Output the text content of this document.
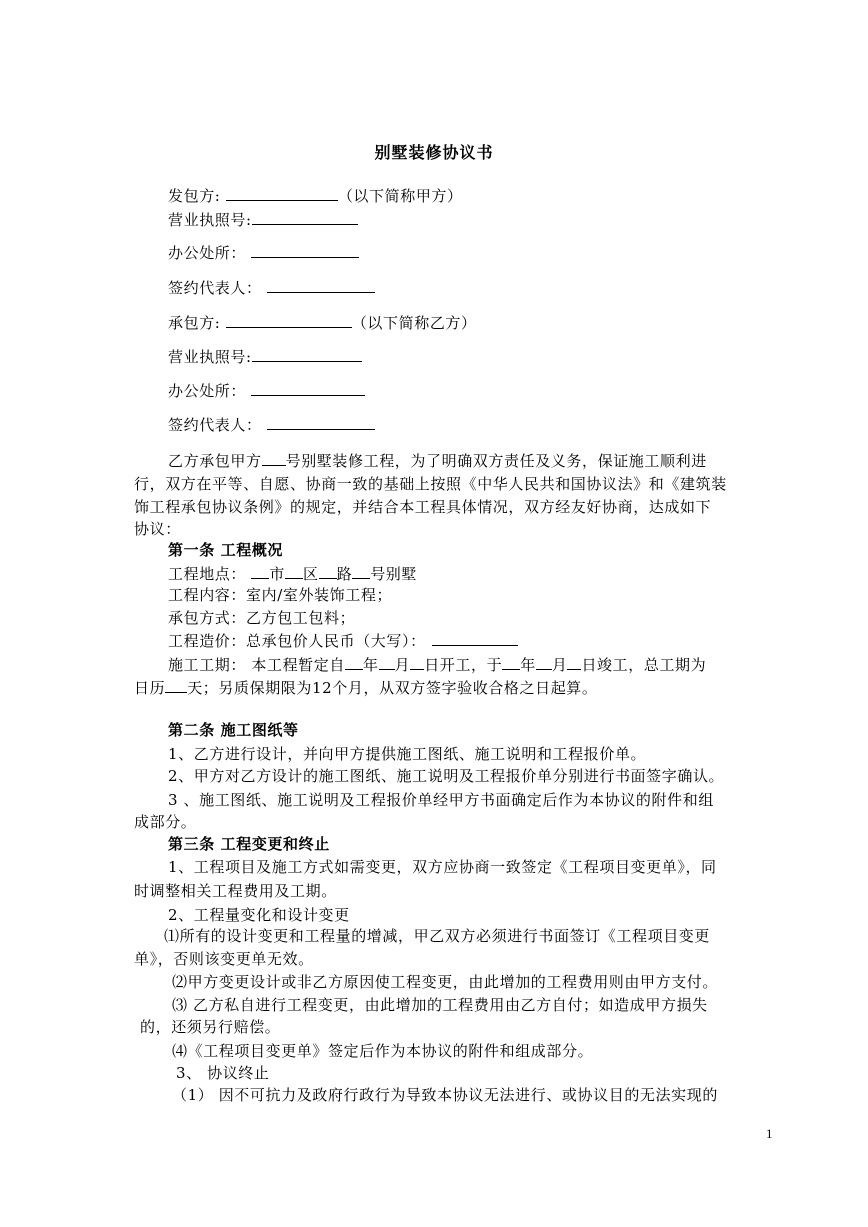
别墅装修协议书
发包方:	（以下简称甲方）
营业执照号:
办公处所：
签约代表人：
承包方:	（以下简称乙方）
营业执照号:
办公处所：
签约代表人：
乙方承包甲方 号别墅装修工程，为了明确双方责任及义务，保证施工顺利进
行，双方在平等、自愿、协商一致的基础上按照《中华人民共和国协议法》和《建筑装
饰工程承包协议条例》的规定，并结合本工程具体情况，双方经友好协商，达成如下
协议：
第一条 工程概况
工程地点： 市 区 路 号别墅
工程内容：室内/室外装饰工程；
承包方式：乙方包工包料；
工程造价：总承包价人民币（大写）：
施工工期： 本工程暂定自 年 月 日开工，于 年 月 日竣工，总工期为
日历 天；另质保期限为12个月，从双方签字验收合格之日起算。
第二条 施工图纸等
1、乙方进行设计，并向甲方提供施工图纸、施工说明和工程报价单。
2、甲方对乙方设计的施工图纸、施工说明及工程报价单分别进行书面签字确认。
3 、施工图纸、施工说明及工程报价单经甲方书面确定后作为本协议的附件和组
成部分。
第三条 工程变更和终止
1、工程项目及施工方式如需变更，双方应协商一致签定《工程项目变更单》，同
时调整相关工程费用及工期。
2、工程量变化和设计变更
⑴所有的设计变更和工程量的增减，甲乙双方必须进行书面签订《工程项目变更
单》，否则该变更单无效。
⑵甲方变更设计或非乙方原因使工程变更，由此增加的工程费用则由甲方支付。
⑶ 乙方私自进行工程变更，由此增加的工程费用由乙方自付；如造成甲方损失
的，还须另行赔偿。
⑷《工程项目变更单》签定后作为本协议的附件和组成部分。
3、 协议终止
（1） 因不可抗力及政府行政行为导致本协议无法进行、或协议目的无法实现的
1
